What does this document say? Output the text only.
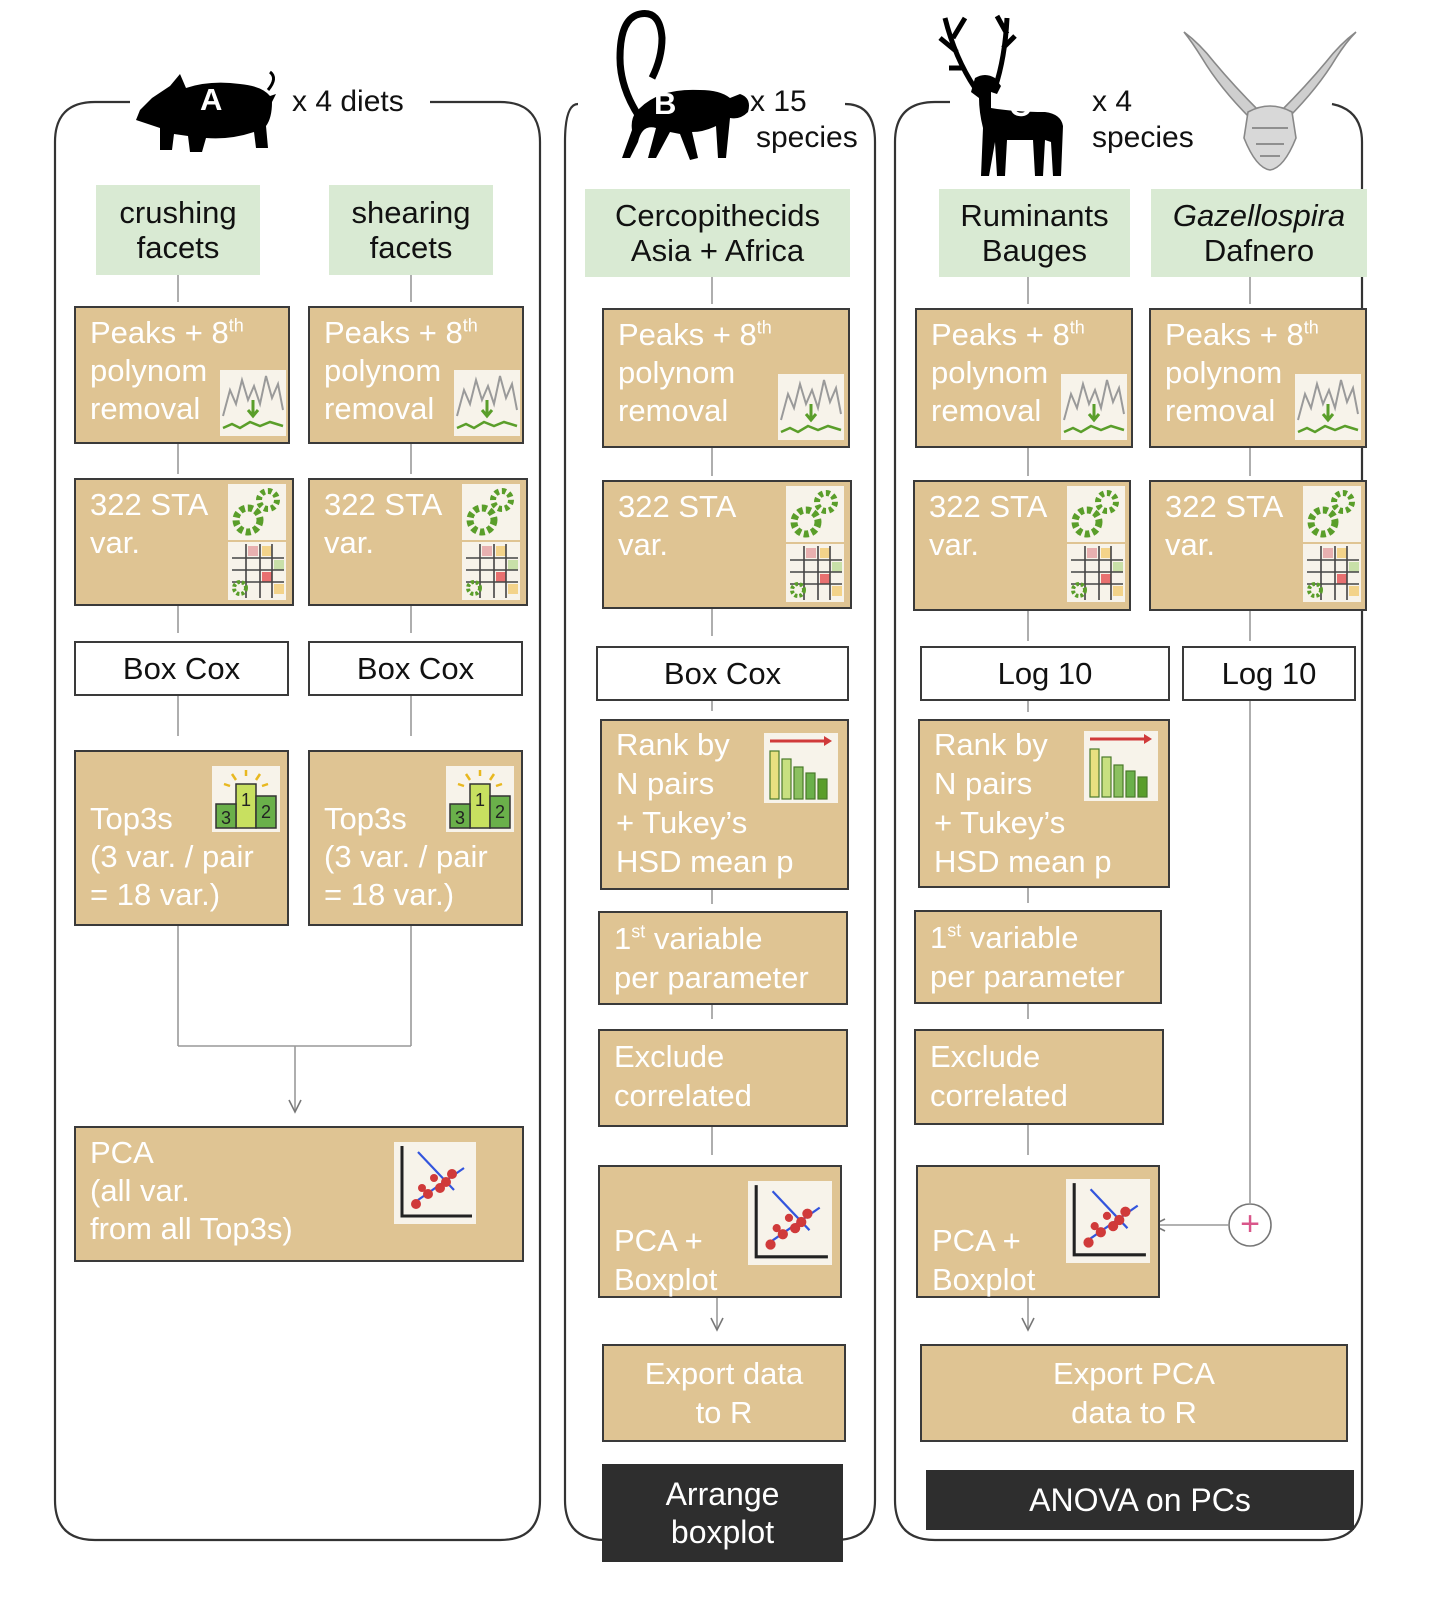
+
A x 4 diets	B x 15
species
C x 4
species
crushing
facets
shearing
facets
Peaks + 8th
polynom
removal
Peaks + 8th
polynom
removal
322 STA
var.
322 STA
var.
Box Cox	Box Cox
Top3s
(3 var. / pair
= 18 var.)
1
2
3	Top3s
(3 var. / pair
= 18 var.)
1
2
3
PCA
(all var.
from all Top3s)
Cercopithecids
Asia + Africa
Peaks + 8th
polynom
removal
322 STA
var.
Box Cox
Rank by
N pairs
+ Tukey’s
HSD mean p
1st variable
per parameter
Exclude
correlated
PCA +
Boxplot
Export data
to R
Arrange
boxplot
Ruminants
Bauges
Gazellospira
Dafnero
Peaks + 8th
polynom
removal
Peaks + 8th
polynom
removal
322 STA
var.
322 STA
var.
Log 10	Log 10
Rank by
N pairs
+ Tukey’s
HSD mean p
1st variable
per parameter
Exclude
correlated
PCA +
Boxplot
Export PCA
data to R
ANOVA on PCs
